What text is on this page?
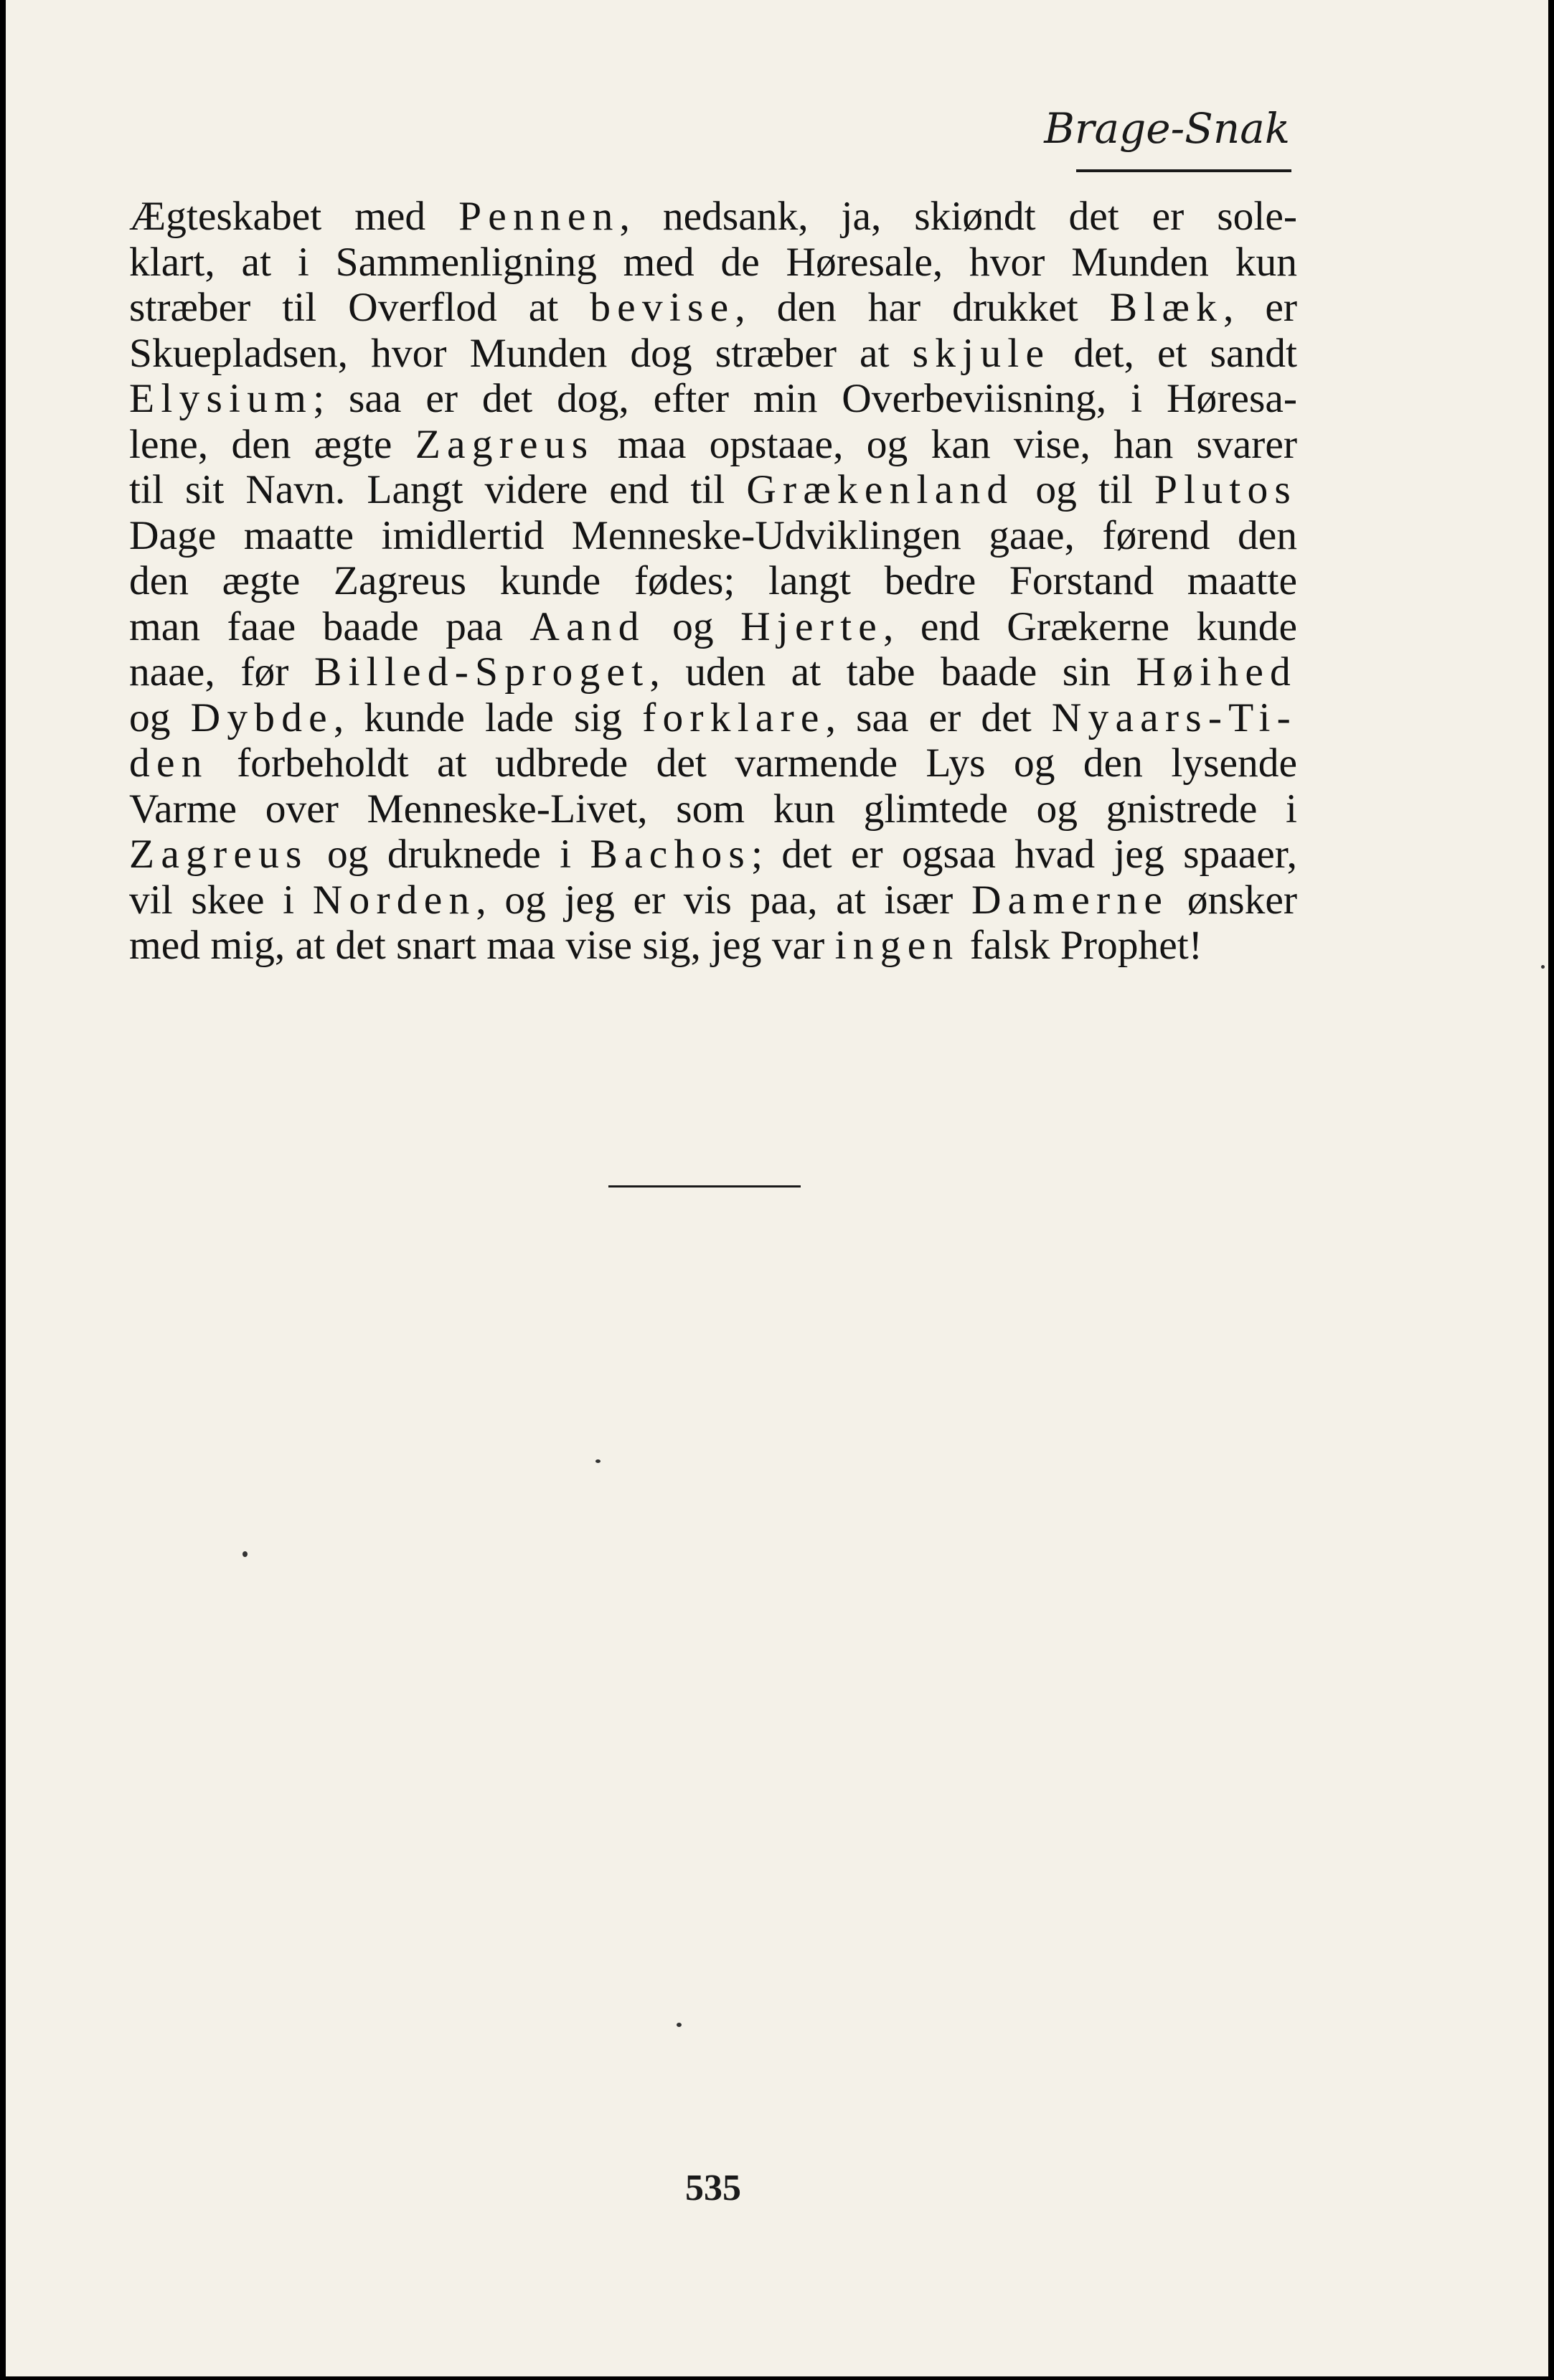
Brage-Snak
Ægteskabet med Pennen, nedsank, ja, skiøndt det er sole-
klart, at i Sammenligning med de Høresale, hvor Munden kun
stræber til Overflod at bevise, den har drukket Blæk, er
Skuepladsen, hvor Munden dog stræber at skjule det, et sandt
Elysium; saa er det dog, efter min Overbeviisning, i Høresa-
lene, den ægte Zagreus maa opstaae, og kan vise, han svarer
til sit Navn. Langt videre end til Grækenland og til Plutos
Dage maatte imidlertid Menneske-Udviklingen gaae, førend den
den ægte Zagreus kunde fødes; langt bedre Forstand maatte
man faae baade paa Aand og Hjerte, end Grækerne kunde
naae, før Billed-Sproget, uden at tabe baade sin Høihed
og Dybde, kunde lade sig forklare, saa er det Nyaars-Ti-
den forbeholdt at udbrede det varmende Lys og den lysende
Varme over Menneske-Livet, som kun glimtede og gnistrede i
Zagreus og druknede i Bachos; det er ogsaa hvad jeg spaaer,
vil skee i Norden, og jeg er vis paa, at især Damerne ønsker
med mig, at det snart maa vise sig, jeg var ingen falsk Prophet!
535
